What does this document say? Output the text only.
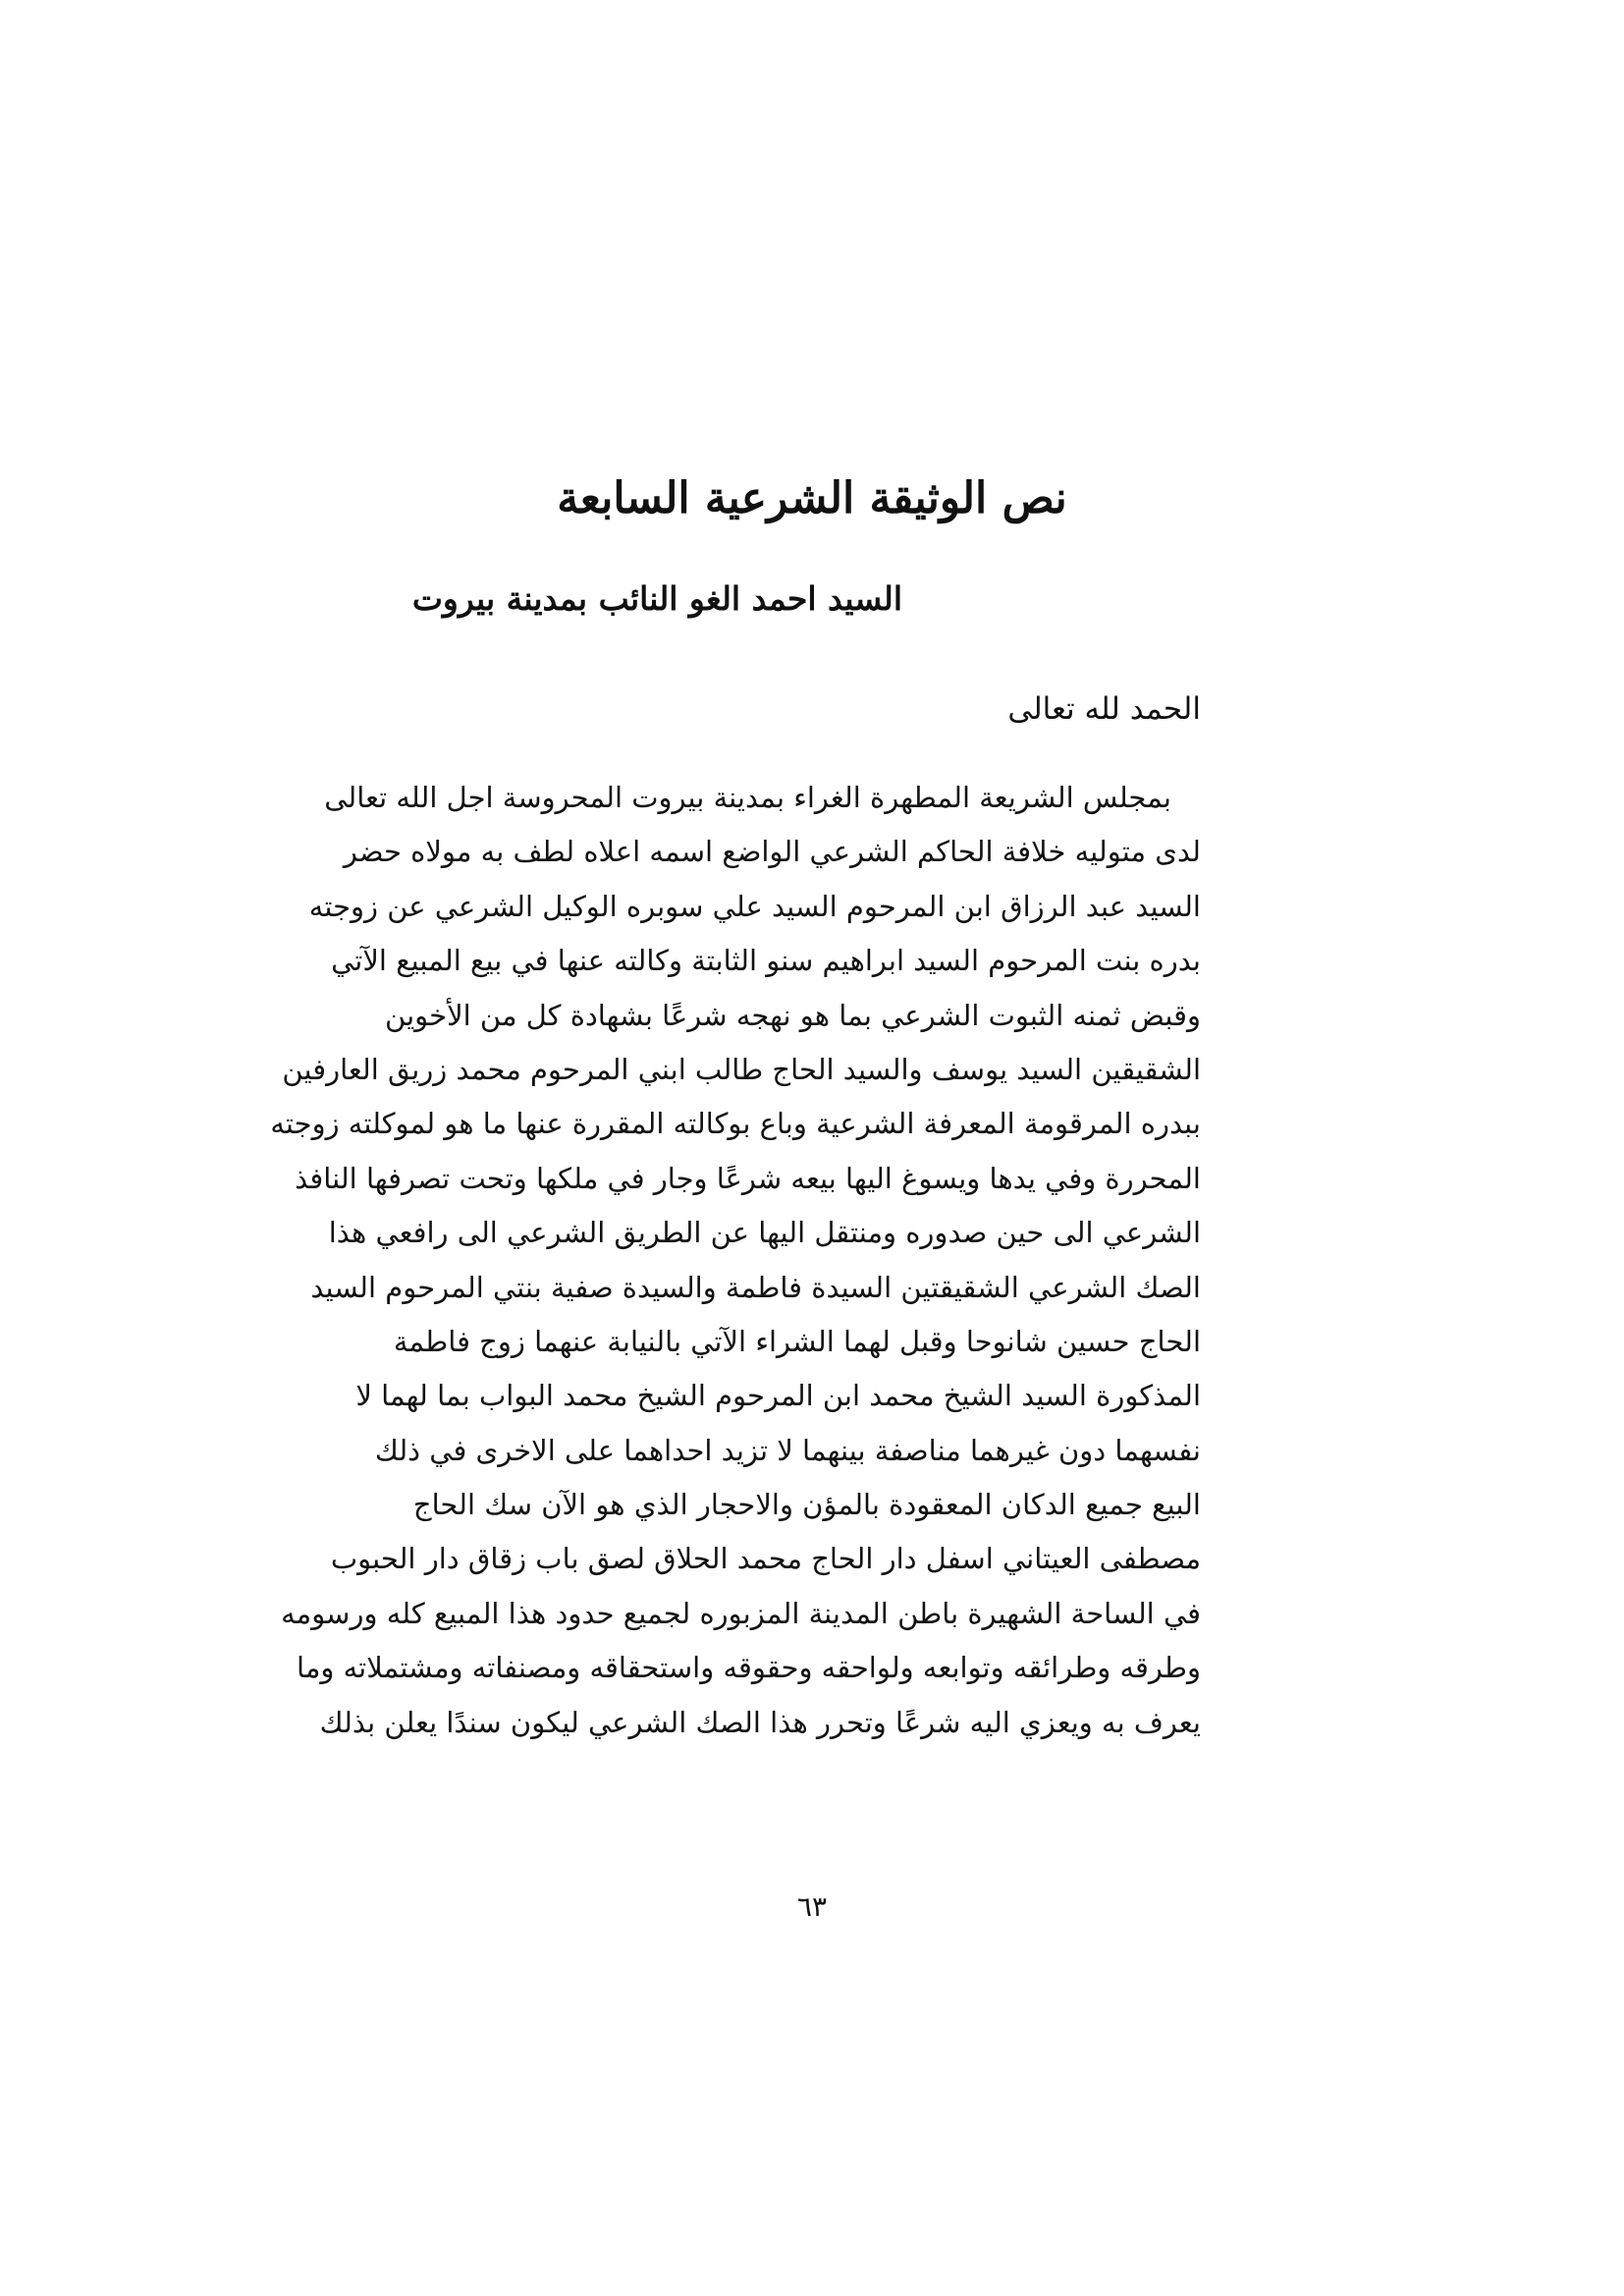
نص الوثيقة الشرعية السابعة
السيد احمد الغو النائب بمدينة بيروت

الحمد لله تعالى

بمجلس الشريعة المطهرة الغراء بمدينة بيروت المحروسة اجل الله تعالى
لدى متوليه خلافة الحاكم الشرعي الواضع اسمه اعلاه لطف به مولاه حضر
السيد عبد الرزاق ابن المرحوم السيد علي سوبره الوكيل الشرعي عن زوجته
بدره بنت المرحوم السيد ابراهيم سنو الثابتة وكالته عنها في بيع المبيع الآتي
وقبض ثمنه الثبوت الشرعي بما هو نهجه شرعًا بشهادة كل من الأخوين
الشقيقين السيد يوسف والسيد الحاج طالب ابني المرحوم محمد زريق العارفين
ببدره المرقومة المعرفة الشرعية وباع بوكالته المقررة عنها ما هو لموكلته زوجته
المحررة وفي يدها ويسوغ اليها بيعه شرعًا وجار في ملكها وتحت تصرفها النافذ
الشرعي الى حين صدوره ومنتقل اليها عن الطريق الشرعي الى رافعي هذا
الصك الشرعي الشقيقتين السيدة فاطمة والسيدة صفية بنتي المرحوم السيد
الحاج حسين شانوحا وقبل لهما الشراء الآتي بالنيابة عنهما زوج فاطمة
المذكورة السيد الشيخ محمد ابن المرحوم الشيخ محمد البواب بما لهما لا
نفسهما دون غيرهما مناصفة بينهما لا تزيد احداهما على الاخرى في ذلك
البيع جميع الدكان المعقودة بالمؤن والاحجار الذي هو الآن سك الحاج
مصطفى العيتاني اسفل دار الحاج محمد الحلاق لصق باب زقاق دار الحبوب
في الساحة الشهيرة باطن المدينة المزبوره لجميع حدود هذا المبيع كله ورسومه
وطرقه وطرائقه وتوابعه ولواحقه وحقوقه واستحقاقه ومصنفاته ومشتملاته وما
يعرف به ويعزي اليه شرعًا وتحرر هذا الصك الشرعي ليكون سندًا يعلن بذلك

٦٣
